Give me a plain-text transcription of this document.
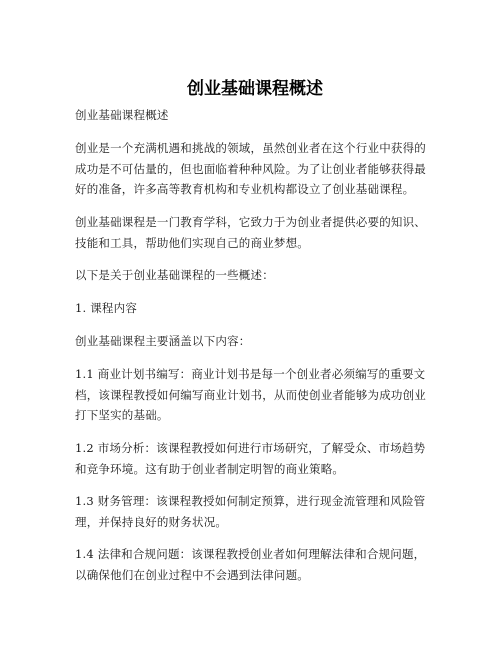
创业基础课程概述

创业基础课程概述

创业是一个充满机遇和挑战的领域，虽然创业者在这个行业中获得的成功是不可估量的，但也面临着种种风险。为了让创业者能够获得最好的准备，许多高等教育机构和专业机构都设立了创业基础课程。

创业基础课程是一门教育学科，它致力于为创业者提供必要的知识、技能和工具，帮助他们实现自己的商业梦想。

以下是关于创业基础课程的一些概述：

1. 课程内容

创业基础课程主要涵盖以下内容：

1.1 商业计划书编写：商业计划书是每一个创业者必须编写的重要文档，该课程教授如何编写商业计划书，从而使创业者能够为成功创业打下坚实的基础。

1.2 市场分析：该课程教授如何进行市场研究，了解受众、市场趋势和竞争环境。这有助于创业者制定明智的商业策略。

1.3 财务管理：该课程教授如何制定预算，进行现金流管理和风险管理，并保持良好的财务状况。

1.4 法律和合规问题：该课程教授创业者如何理解法律和合规问题，以确保他们在创业过程中不会遇到法律问题。
